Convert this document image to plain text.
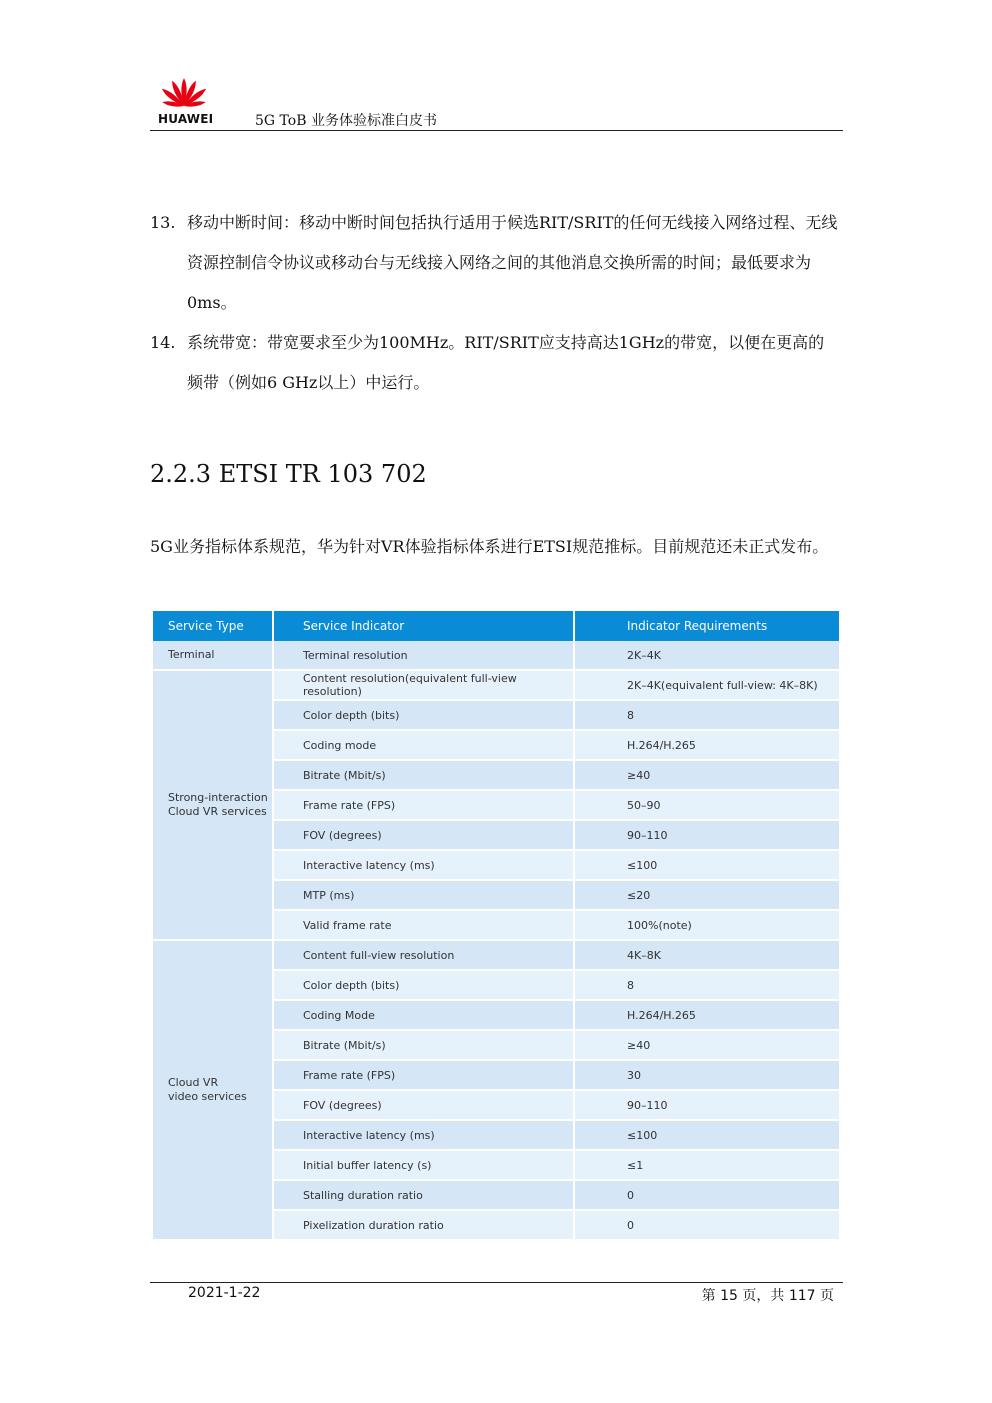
HUAWEI	5G ToB 业务体验标准白皮书
13. 移动中断时间：移动中断时间包括执行适用于候选RIT/SRIT的任何无线接入网络过程、无线资源控制信令协议或移动台与无线接入网络之间的其他消息交换所需的时间；最低要求为0ms。
14. 系统带宽：带宽要求至少为100MHz。RIT/SRIT应支持高达1GHz的带宽，以便在更高的频带（例如6 GHz以上）中运行。
2.2.3 ETSI TR 103 702
5G业务指标体系规范，华为针对VR体验指标体系进行ETSI规范推标。目前规范还未正式发布。
Service Type	Service Indicator	Indicator Requirements
Terminal	Terminal resolution	2K–4K
Strong-interaction
Cloud VR services	Content resolution(equivalent full-view resolution)	2K–4K(equivalent full-view: 4K–8K)
	Color depth (bits)	8
	Coding mode	H.264/H.265
	Bitrate (Mbit/s)	≥40
	Frame rate (FPS)	50–90
	FOV (degrees)	90–110
	Interactive latency (ms)	≤100
	MTP (ms)	≤20
	Valid frame rate	100%(note)
Cloud VR
video services	Content full-view resolution	4K–8K
	Color depth (bits)	8
	Coding Mode	H.264/H.265
	Bitrate (Mbit/s)	≥40
	Frame rate (FPS)	30
	FOV (degrees)	90–110
	Interactive latency (ms)	≤100
	Initial buffer latency (s)	≤1
	Stalling duration ratio	0
	Pixelization duration ratio	0
2021-1-22	第 15 页，共 117 页
